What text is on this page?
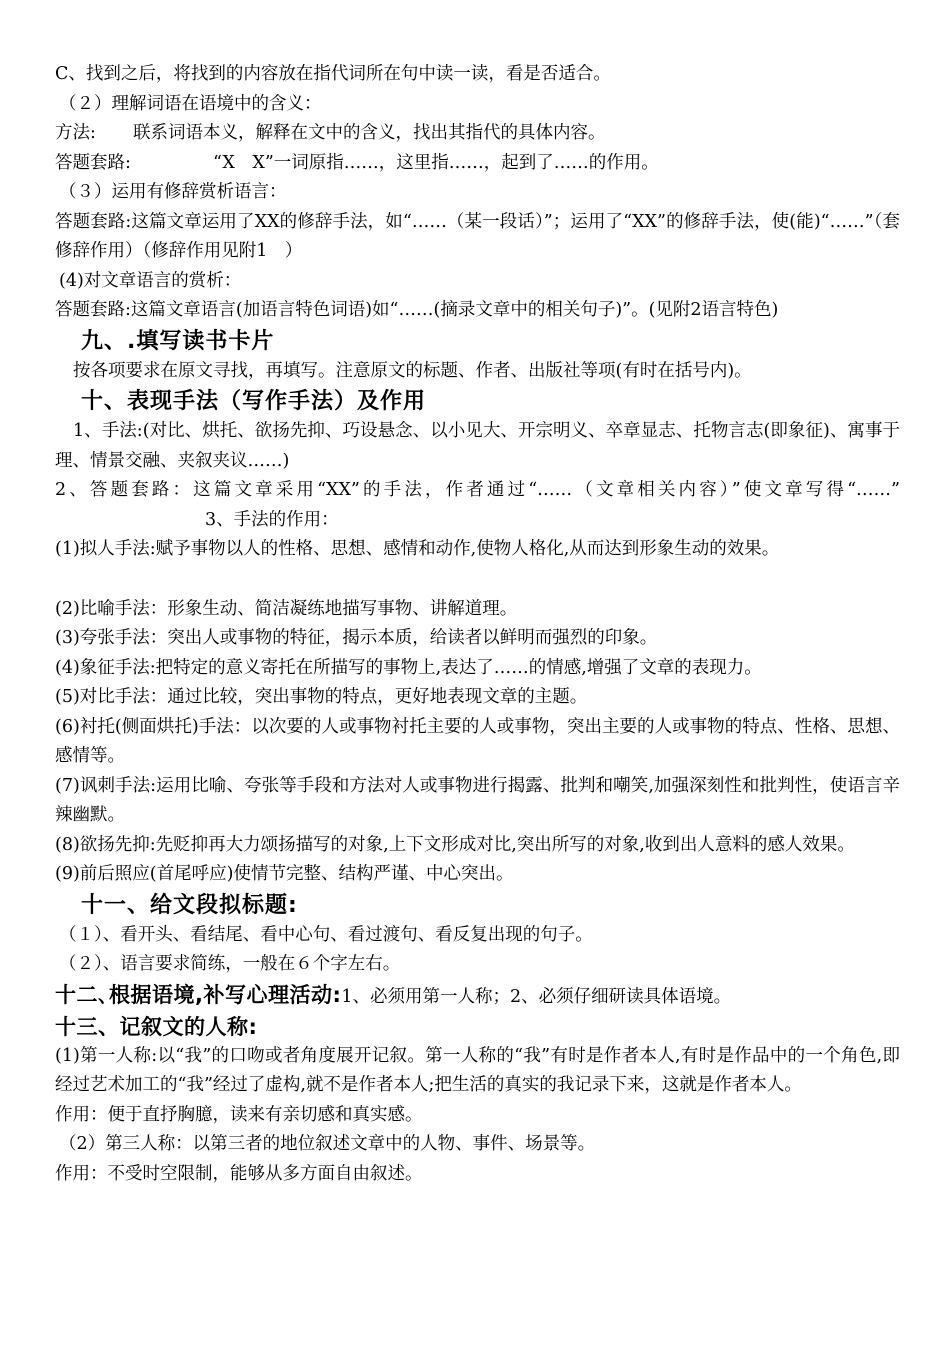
C、找到之后，将找到的内容放在指代词所在句中读一读，看是否适合。
（２）理解词语在语境中的含义：
方法: 联系词语本义，解释在文中的含义，找出其指代的具体内容。
答题套路:	“X　X”一词原指……，这里指……，起到了……的作用。
（３）运用有修辞赏析语言：
答题套路:这篇文章运用了XX的修辞手法，如“……（某一段话）”；运用了“XX”的修辞手法，使(能)“……”（套修辞作用）（修辞作用见附1　）
(4)对文章语言的赏析：
答题套路:这篇文章语言(加语言特色词语)如“……(摘录文章中的相关句子)”。(见附2语言特色)
九、.填写读书卡片
按各项要求在原文寻找，再填写。注意原文的标题、作者、出版社等项(有时在括号内)。
十、表现手法（写作手法）及作用
1、手法:(对比、烘托、欲扬先抑、巧设悬念、以小见大、开宗明义、卒章显志、托物言志(即象征)、寓事于理、情景交融、夹叙夹议……)
2、答题套路：这篇文章采用“XX”的手法，作者通过“……（文章相关内容）”使文章写得“……”3、手法的作用：
(1)拟人手法:赋予事物以人的性格、思想、感情和动作,使物人格化,从而达到形象生动的效果。
(2)比喻手法：形象生动、简洁凝练地描写事物、讲解道理。
(3)夸张手法：突出人或事物的特征，揭示本质，给读者以鲜明而强烈的印象。
(4)象征手法:把特定的意义寄托在所描写的事物上,表达了……的情感,增强了文章的表现力。
(5)对比手法：通过比较，突出事物的特点，更好地表现文章的主题。
(6)衬托(侧面烘托)手法：以次要的人或事物衬托主要的人或事物，突出主要的人或事物的特点、性格、思想、感情等。
(7)讽刺手法:运用比喻、夸张等手段和方法对人或事物进行揭露、批判和嘲笑,加强深刻性和批判性，使语言辛辣幽默。
(8)欲扬先抑:先贬抑再大力颂扬描写的对象,上下文形成对比,突出所写的对象,收到出人意料的感人效果。
(9)前后照应(首尾呼应)使情节完整、结构严谨、中心突出。
十一、给文段拟标题:
（１）、看开头、看结尾、看中心句、看过渡句、看反复出现的句子。
（２）、语言要求简练，一般在６个字左右。
十二､根据语境,补写心理活动:1、必须用第一人称；2、必须仔细研读具体语境。
十三、记叙文的人称:
(1)第一人称:以“我”的口吻或者角度展开记叙。第一人称的“我”有时是作者本人,有时是作品中的一个角色,即经过艺术加工的“我”经过了虚构,就不是作者本人;把生活的真实的我记录下来，这就是作者本人。
作用：便于直抒胸臆，读来有亲切感和真实感。
（2）第三人称：以第三者的地位叙述文章中的人物、事件、场景等。
作用：不受时空限制，能够从多方面自由叙述。
